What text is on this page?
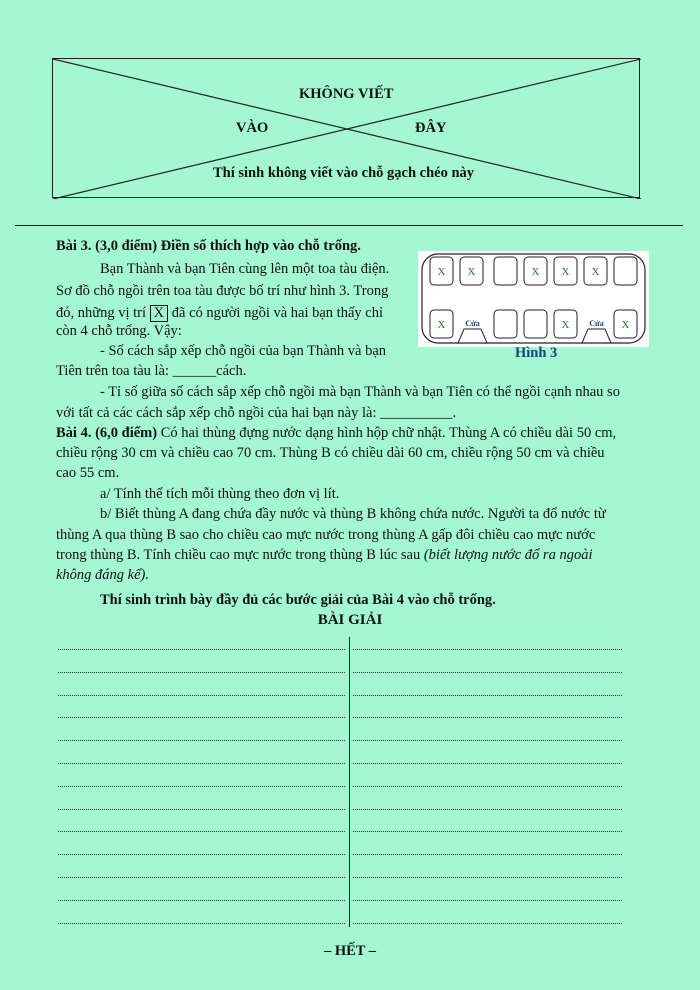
KHÔNG VIẾT
VÀO	ĐÂY
Thí sinh không viết vào chỗ gạch chéo này
Bài 3. (3,0 điểm) Điền số thích hợp vào chỗ trống.
Bạn Thành và bạn Tiên cùng lên một toa tàu điện.
Sơ đồ chỗ ngồi trên toa tàu được bố trí như hình 3. Trong
đó, những vị trí X đã có người ngồi và hai bạn thấy chỉ
còn 4 chỗ trống. Vậy:
- Số cách sắp xếp chỗ ngồi của bạn Thành và bạn
Tiên trên toa tàu là: ______cách.
- Tỉ số giữa số cách sắp xếp chỗ ngồi mà bạn Thành và bạn Tiên có thể ngồi cạnh nhau so
với tất cả các cách sắp xếp chỗ ngồi của hai bạn này là: __________.
X X	X X X
X Cửa	X Cửa X
Hình 3
Bài 4. (6,0 điểm) Có hai thùng đựng nước dạng hình hộp chữ nhật. Thùng A có chiều dài 50 cm,
chiều rộng 30 cm và chiều cao 70 cm. Thùng B có chiều dài 60 cm, chiều rộng 50 cm và chiều
cao 55 cm.
a/ Tính thể tích mỗi thùng theo đơn vị lít.
b/ Biết thùng A đang chứa đầy nước và thùng B không chứa nước. Người ta đổ nước từ
thùng A qua thùng B sao cho chiều cao mực nước trong thùng A gấp đôi chiều cao mực nước
trong thùng B. Tính chiều cao mực nước trong thùng B lúc sau (biết lượng nước đổ ra ngoài
không đáng kể).
Thí sinh trình bày đầy đủ các bước giải của Bài 4 vào chỗ trống.
BÀI GIẢI
– HẾT –
